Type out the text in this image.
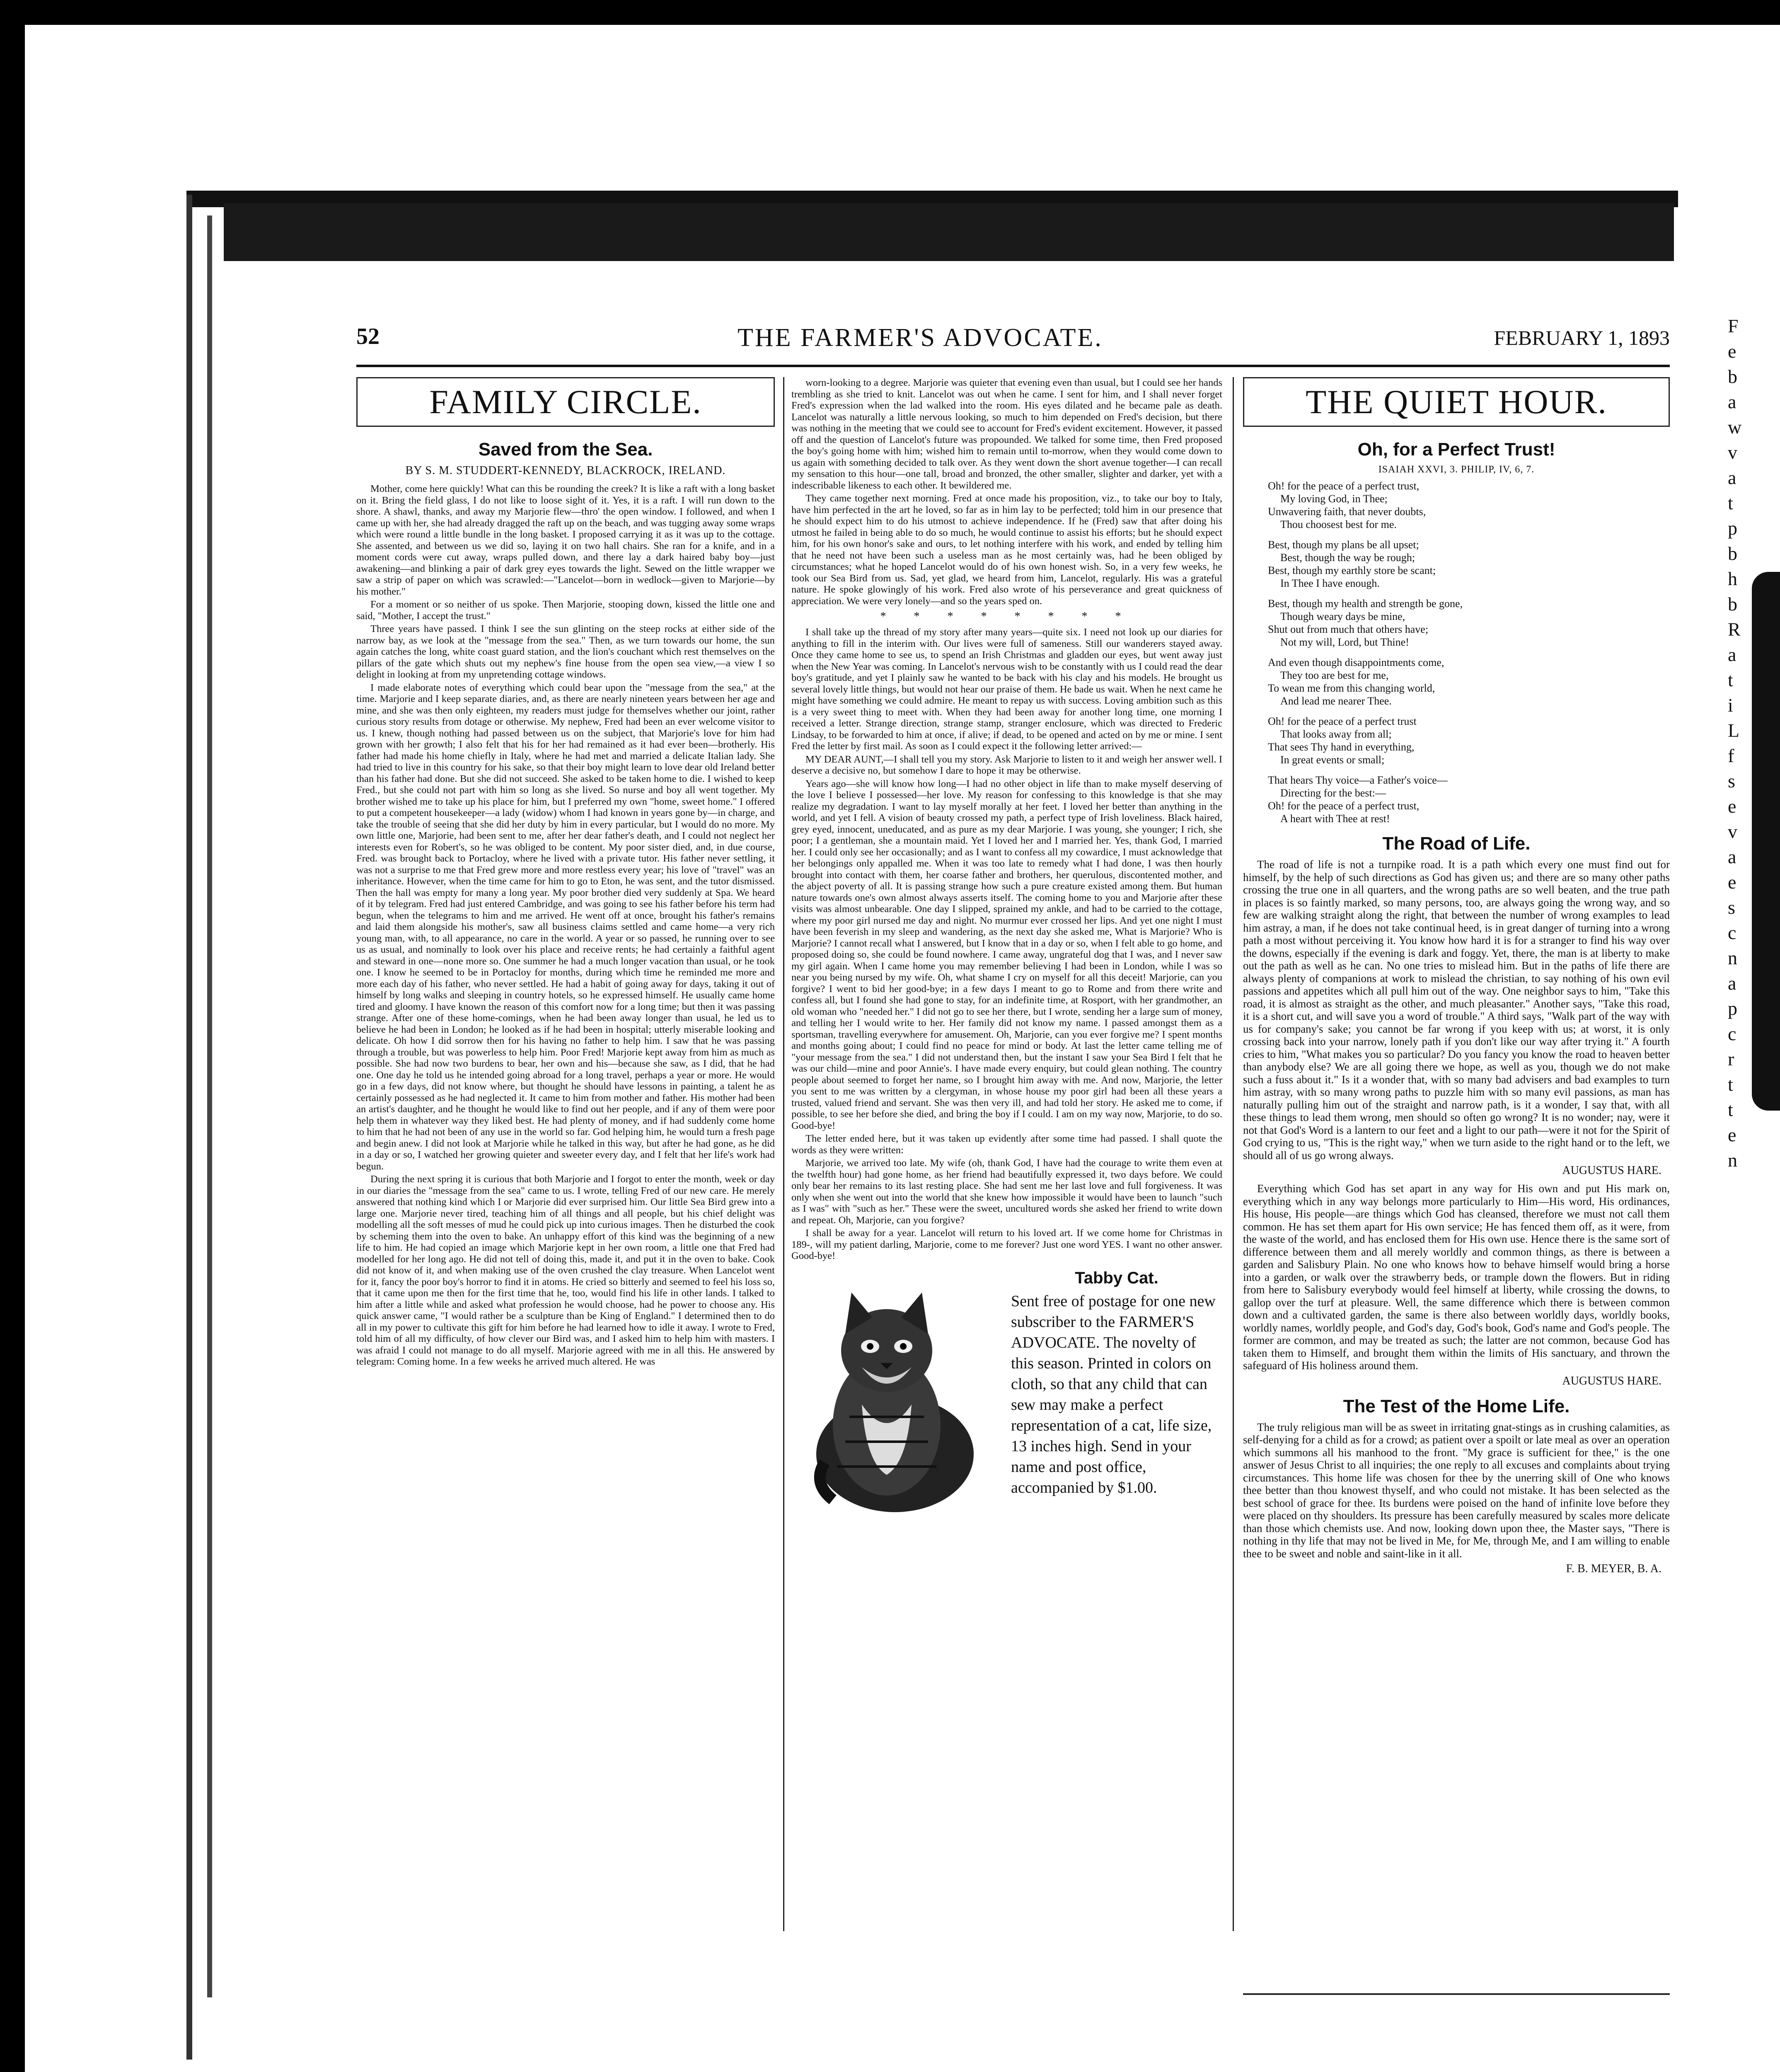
F
e
b
a
w
v
a
t
p
b
h
b
R
a
t
i
L
f
s
e
v
a
e
s
c
n
a
p
c
r
t
t
e
n
52	THE FARMER'S ADVOCATE.	FEBRUARY 1, 1893
FAMILY CIRCLE.
Saved from the Sea.
BY S. M. STUDDERT-KENNEDY, BLACKROCK, IRELAND.

Mother, come here quickly! What can this be rounding the creek? It is like a raft with a long basket on it. Bring the field glass, I do not like to loose sight of it. Yes, it is a raft. I will run down to the shore. A shawl, thanks, and away my Marjorie flew—thro' the open window. I followed, and when I came up with her, she had already dragged the raft up on the beach, and was tugging away some wraps which were round a little bundle in the long basket. I proposed carrying it as it was up to the cottage. She assented, and between us we did so, laying it on two hall chairs. She ran for a knife, and in a moment cords were cut away, wraps pulled down, and there lay a dark haired baby boy—just awakening—and blinking a pair of dark grey eyes towards the light. Sewed on the little wrapper we saw a strip of paper on which was scrawled:—"Lancelot—born in wedlock—given to Marjorie—by his mother."

For a moment or so neither of us spoke. Then Marjorie, stooping down, kissed the little one and said, "Mother, I accept the trust."

Three years have passed. I think I see the sun glinting on the steep rocks at either side of the narrow bay, as we look at the "message from the sea." Then, as we turn towards our home, the sun again catches the long, white coast guard station, and the lion's couchant which rest themselves on the pillars of the gate which shuts out my nephew's fine house from the open sea view,—a view I so delight in looking at from my unpretending cottage windows.

I made elaborate notes of everything which could bear upon the "message from the sea," at the time. Marjorie and I keep separate diaries, and, as there are nearly nineteen years between her age and mine, and she was then only eighteen, my readers must judge for themselves whether our joint, rather curious story results from dotage or otherwise. My nephew, Fred had been an ever welcome visitor to us. I knew, though nothing had passed between us on the subject, that Marjorie's love for him had grown with her growth; I also felt that his for her had remained as it had ever been—brotherly. His father had made his home chiefly in Italy, where he had met and married a delicate Italian lady. She had tried to live in this country for his sake, so that their boy might learn to love dear old Ireland better than his father had done. But she did not succeed. She asked to be taken home to die. I wished to keep Fred., but she could not part with him so long as she lived. So nurse and boy all went together. My brother wished me to take up his place for him, but I preferred my own "home, sweet home." I offered to put a competent housekeeper—a lady (widow) whom I had known in years gone by—in charge, and take the trouble of seeing that she did her duty by him in every particular, but I would do no more. My own little one, Marjorie, had been sent to me, after her dear father's death, and I could not neglect her interests even for Robert's, so he was obliged to be content. My poor sister died, and, in due course, Fred. was brought back to Portacloy, where he lived with a private tutor. His father never settling, it was not a surprise to me that Fred grew more and more restless every year; his love of "travel" was an inheritance. However, when the time came for him to go to Eton, he was sent, and the tutor dismissed. Then the hall was empty for many a long year. My poor brother died very suddenly at Spa. We heard of it by telegram. Fred had just entered Cambridge, and was going to see his father before his term had begun, when the telegrams to him and me arrived. He went off at once, brought his father's remains and laid them alongside his mother's, saw all business claims settled and came home—a very rich young man, with, to all appearance, no care in the world. A year or so passed, he running over to see us as usual, and nominally to look over his place and receive rents; he had certainly a faithful agent and steward in one—none more so. One summer he had a much longer vacation than usual, or he took one. I know he seemed to be in Portacloy for months, during which time he reminded me more and more each day of his father, who never settled. He had a habit of going away for days, taking it out of himself by long walks and sleeping in country hotels, so he expressed himself. He usually came home tired and gloomy. I have known the reason of this comfort now for a long time; but then it was passing strange. After one of these home-comings, when he had been away longer than usual, he led us to believe he had been in London; he looked as if he had been in hospital; utterly miserable looking and delicate. Oh how I did sorrow then for his having no father to help him. I saw that he was passing through a trouble, but was powerless to help him. Poor Fred! Marjorie kept away from him as much as possible. She had now two burdens to bear, her own and his—because she saw, as I did, that he had one. One day he told us he intended going abroad for a long travel, perhaps a year or more. He would go in a few days, did not know where, but thought he should have lessons in painting, a talent he as certainly possessed as he had neglected it. It came to him from mother and father. His mother had been an artist's daughter, and he thought he would like to find out her people, and if any of them were poor help them in whatever way they liked best. He had plenty of money, and if had suddenly come home to him that he had not been of any use in the world so far. God helping him, he would turn a fresh page and begin anew. I did not look at Marjorie while he talked in this way, but after he had gone, as he did in a day or so, I watched her growing quieter and sweeter every day, and I felt that her life's work had begun.

During the next spring it is curious that both Marjorie and I forgot to enter the month, week or day in our diaries the "message from the sea" came to us. I wrote, telling Fred of our new care. He merely answered that nothing kind which I or Marjorie did ever surprised him. Our little Sea Bird grew into a large one. Marjorie never tired, teaching him of all things and all people, but his chief delight was modelling all the soft messes of mud he could pick up into curious images. Then he disturbed the cook by scheming them into the oven to bake. An unhappy effort of this kind was the beginning of a new life to him. He had copied an image which Marjorie kept in her own room, a little one that Fred had modelled for her long ago. He did not tell of doing this, made it, and put it in the oven to bake. Cook did not know of it, and when making use of the oven crushed the clay treasure. When Lancelot went for it, fancy the poor boy's horror to find it in atoms. He cried so bitterly and seemed to feel his loss so, that it came upon me then for the first time that he, too, would find his life in other lands. I talked to him after a little while and asked what profession he would choose, had he power to choose any. His quick answer came, "I would rather be a sculpture than be King of England." I determined then to do all in my power to cultivate this gift for him before he had learned how to idle it away. I wrote to Fred, told him of all my difficulty, of how clever our Bird was, and I asked him to help him with masters. I was afraid I could not manage to do all myself. Marjorie agreed with me in all this. He answered by telegram: Coming home. In a few weeks he arrived much altered. He was

worn-looking to a degree. Marjorie was quieter that evening even than usual, but I could see her hands trembling as she tried to knit. Lancelot was out when he came. I sent for him, and I shall never forget Fred's expression when the lad walked into the room. His eyes dilated and he became pale as death. Lancelot was naturally a little nervous looking, so much to him depended on Fred's decision, but there was nothing in the meeting that we could see to account for Fred's evident excitement. However, it passed off and the question of Lancelot's future was propounded. We talked for some time, then Fred proposed the boy's going home with him; wished him to remain until to-morrow, when they would come down to us again with something decided to talk over. As they went down the short avenue together—I can recall my sensation to this hour—one tall, broad and bronzed, the other smaller, slighter and darker, yet with a indescribable likeness to each other. It bewildered me.

They came together next morning. Fred at once made his proposition, viz., to take our boy to Italy, have him perfected in the art he loved, so far as in him lay to be perfected; told him in our presence that he should expect him to do his utmost to achieve independence. If he (Fred) saw that after doing his utmost he failed in being able to do so much, he would continue to assist his efforts; but he should expect him, for his own honor's sake and ours, to let nothing interfere with his work, and ended by telling him that he need not have been such a useless man as he most certainly was, had he been obliged by circumstances; what he hoped Lancelot would do of his own honest wish. So, in a very few weeks, he took our Sea Bird from us. Sad, yet glad, we heard from him, Lancelot, regularly. His was a grateful nature. He spoke glowingly of his work. Fred also wrote of his perseverance and great quickness of appreciation. We were very lonely—and so the years sped on.

* * * * * * * *

I shall take up the thread of my story after many years—quite six. I need not look up our diaries for anything to fill in the interim with. Our lives were full of sameness. Still our wanderers stayed away. Once they came home to see us, to spend an Irish Christmas and gladden our eyes, but went away just when the New Year was coming. In Lancelot's nervous wish to be constantly with us I could read the dear boy's gratitude, and yet I plainly saw he wanted to be back with his clay and his models. He brought us several lovely little things, but would not hear our praise of them. He bade us wait. When he next came he might have something we could admire. He meant to repay us with success. Loving ambition such as this is a very sweet thing to meet with. When they had been away for another long time, one morning I received a letter. Strange direction, strange stamp, stranger enclosure, which was directed to Frederic Lindsay, to be forwarded to him at once, if alive; if dead, to be opened and acted on by me or mine. I sent Fred the letter by first mail. As soon as I could expect it the following letter arrived:—

MY DEAR AUNT,—I shall tell you my story. Ask Marjorie to listen to it and weigh her answer well. I deserve a decisive no, but somehow I dare to hope it may be otherwise.

Years ago—she will know how long—I had no other object in life than to make myself deserving of the love I believe I possessed—her love. My reason for confessing to this knowledge is that she may realize my degradation. I want to lay myself morally at her feet. I loved her better than anything in the world, and yet I fell. A vision of beauty crossed my path, a perfect type of Irish loveliness. Black haired, grey eyed, innocent, uneducated, and as pure as my dear Marjorie. I was young, she younger; I rich, she poor; I a gentleman, she a mountain maid. Yet I loved her and I married her. Yes, thank God, I married her. I could only see her occasionally; and as I want to confess all my cowardice, I must acknowledge that her belongings only appalled me. When it was too late to remedy what I had done, I was then hourly brought into contact with them, her coarse father and brothers, her querulous, discontented mother, and the abject poverty of all. It is passing strange how such a pure creature existed among them. But human nature towards one's own almost always asserts itself. The coming home to you and Marjorie after these visits was almost unbearable. One day I slipped, sprained my ankle, and had to be carried to the cottage, where my poor girl nursed me day and night. No murmur ever crossed her lips. And yet one night I must have been feverish in my sleep and wandering, as the next day she asked me, What is Marjorie? Who is Marjorie? I cannot recall what I answered, but I know that in a day or so, when I felt able to go home, and proposed doing so, she could be found nowhere. I came away, ungrateful dog that I was, and I never saw my girl again. When I came home you may remember believing I had been in London, while I was so near you being nursed by my wife. Oh, what shame I cry on myself for all this deceit! Marjorie, can you forgive? I went to bid her good-bye; in a few days I meant to go to Rome and from there write and confess all, but I found she had gone to stay, for an indefinite time, at Rosport, with her grandmother, an old woman who "needed her." I did not go to see her there, but I wrote, sending her a large sum of money, and telling her I would write to her. Her family did not know my name. I passed amongst them as a sportsman, travelling everywhere for amusement. Oh, Marjorie, can you ever forgive me? I spent months and months going about; I could find no peace for mind or body. At last the letter came telling me of "your message from the sea." I did not understand then, but the instant I saw your Sea Bird I felt that he was our child—mine and poor Annie's. I have made every enquiry, but could glean nothing. The country people about seemed to forget her name, so I brought him away with me. And now, Marjorie, the letter you sent to me was written by a clergyman, in whose house my poor girl had been all these years a trusted, valued friend and servant. She was then very ill, and had told her story. He asked me to come, if possible, to see her before she died, and bring the boy if I could. I am on my way now, Marjorie, to do so. Good-bye!

The letter ended here, but it was taken up evidently after some time had passed. I shall quote the words as they were written:

Marjorie, we arrived too late. My wife (oh, thank God, I have had the courage to write them even at the twelfth hour) had gone home, as her friend had beautifully expressed it, two days before. We could only bear her remains to its last resting place. She had sent me her last love and full forgiveness. It was only when she went out into the world that she knew how impossible it would have been to launch "such as I was" with "such as her." These were the sweet, uncultured words she asked her friend to write down and repeat. Oh, Marjorie, can you forgive?

I shall be away for a year. Lancelot will return to his loved art. If we come home for Christmas in 189-, will my patient darling, Marjorie, come to me forever? Just one word YES. I want no other answer. Good-bye!

Tabby Cat.
Sent free of postage for one new subscriber to the FARMER'S ADVOCATE. The novelty of this season. Printed in colors on cloth, so that any child that can sew may make a perfect representation of a cat, life size, 13 inches high. Send in your name and post office, accompanied by $1.00.
THE QUIET HOUR.
Oh, for a Perfect Trust!
ISAIAH XXVI, 3. PHILIP, IV, 6, 7.
Oh! for the peace of a perfect trust,
My loving God, in Thee;
Unwavering faith, that never doubts,
Thou choosest best for me.
Best, though my plans be all upset;
Best, though the way be rough;
Best, though my earthly store be scant;
In Thee I have enough.
Best, though my health and strength be gone,
Though weary days be mine,
Shut out from much that others have;
Not my will, Lord, but Thine!
And even though disappointments come,
They too are best for me,
To wean me from this changing world,
And lead me nearer Thee.
Oh! for the peace of a perfect trust
That looks away from all;
That sees Thy hand in everything,
In great events or small;
That hears Thy voice—a Father's voice—
Directing for the best:—
Oh! for the peace of a perfect trust,
A heart with Thee at rest!
The Road of Life.

The road of life is not a turnpike road. It is a path which every one must find out for himself, by the help of such directions as God has given us; and there are so many other paths crossing the true one in all quarters, and the wrong paths are so well beaten, and the true path in places is so faintly marked, so many persons, too, are always going the wrong way, and so few are walking straight along the right, that between the number of wrong examples to lead him astray, a man, if he does not take continual heed, is in great danger of turning into a wrong path a most without perceiving it. You know how hard it is for a stranger to find his way over the downs, especially if the evening is dark and foggy. Yet, there, the man is at liberty to make out the path as well as he can. No one tries to mislead him. But in the paths of life there are always plenty of companions at work to mislead the christian, to say nothing of his own evil passions and appetites which all pull him out of the way. One neighbor says to him, "Take this road, it is almost as straight as the other, and much pleasanter." Another says, "Take this road, it is a short cut, and will save you a word of trouble." A third says, "Walk part of the way with us for company's sake; you cannot be far wrong if you keep with us; at worst, it is only crossing back into your narrow, lonely path if you don't like our way after trying it." A fourth cries to him, "What makes you so particular? Do you fancy you know the road to heaven better than anybody else? We are all going there we hope, as well as you, though we do not make such a fuss about it." Is it a wonder that, with so many bad advisers and bad examples to turn him astray, with so many wrong paths to puzzle him with so many evil passions, as man has naturally pulling him out of the straight and narrow path, is it a wonder, I say that, with all these things to lead them wrong, men should so often go wrong? It is no wonder; nay, were it not that God's Word is a lantern to our feet and a light to our path—were it not for the Spirit of God crying to us, "This is the right way," when we turn aside to the right hand or to the left, we should all of us go wrong always.

AUGUSTUS HARE.

Everything which God has set apart in any way for His own and put His mark on, everything which in any way belongs more particularly to Him—His word, His ordinances, His house, His people—are things which God has cleansed, therefore we must not call them common. He has set them apart for His own service; He has fenced them off, as it were, from the waste of the world, and has enclosed them for His own use. Hence there is the same sort of difference between them and all merely worldly and common things, as there is between a garden and Salisbury Plain. No one who knows how to behave himself would bring a horse into a garden, or walk over the strawberry beds, or trample down the flowers. But in riding from here to Salisbury everybody would feel himself at liberty, while crossing the downs, to gallop over the turf at pleasure. Well, the same difference which there is between common down and a cultivated garden, the same is there also between worldly days, worldly books, worldly names, worldly people, and God's day, God's book, God's name and God's people. The former are common, and may be treated as such; the latter are not common, because God has taken them to Himself, and brought them within the limits of His sanctuary, and thrown the safeguard of His holiness around them.

AUGUSTUS HARE.
The Test of the Home Life.

The truly religious man will be as sweet in irritating gnat-stings as in crushing calamities, as self-denying for a child as for a crowd; as patient over a spoilt or late meal as over an operation which summons all his manhood to the front. "My grace is sufficient for thee," is the one answer of Jesus Christ to all inquiries; the one reply to all excuses and complaints about trying circumstances. This home life was chosen for thee by the unerring skill of One who knows thee better than thou knowest thyself, and who could not mistake. It has been selected as the best school of grace for thee. Its burdens were poised on the hand of infinite love before they were placed on thy shoulders. Its pressure has been carefully measured by scales more delicate than those which chemists use. And now, looking down upon thee, the Master says, "There is nothing in thy life that may not be lived in Me, for Me, through Me, and I am willing to enable thee to be sweet and noble and saint-like in it all.

F. B. MEYER, B. A.
